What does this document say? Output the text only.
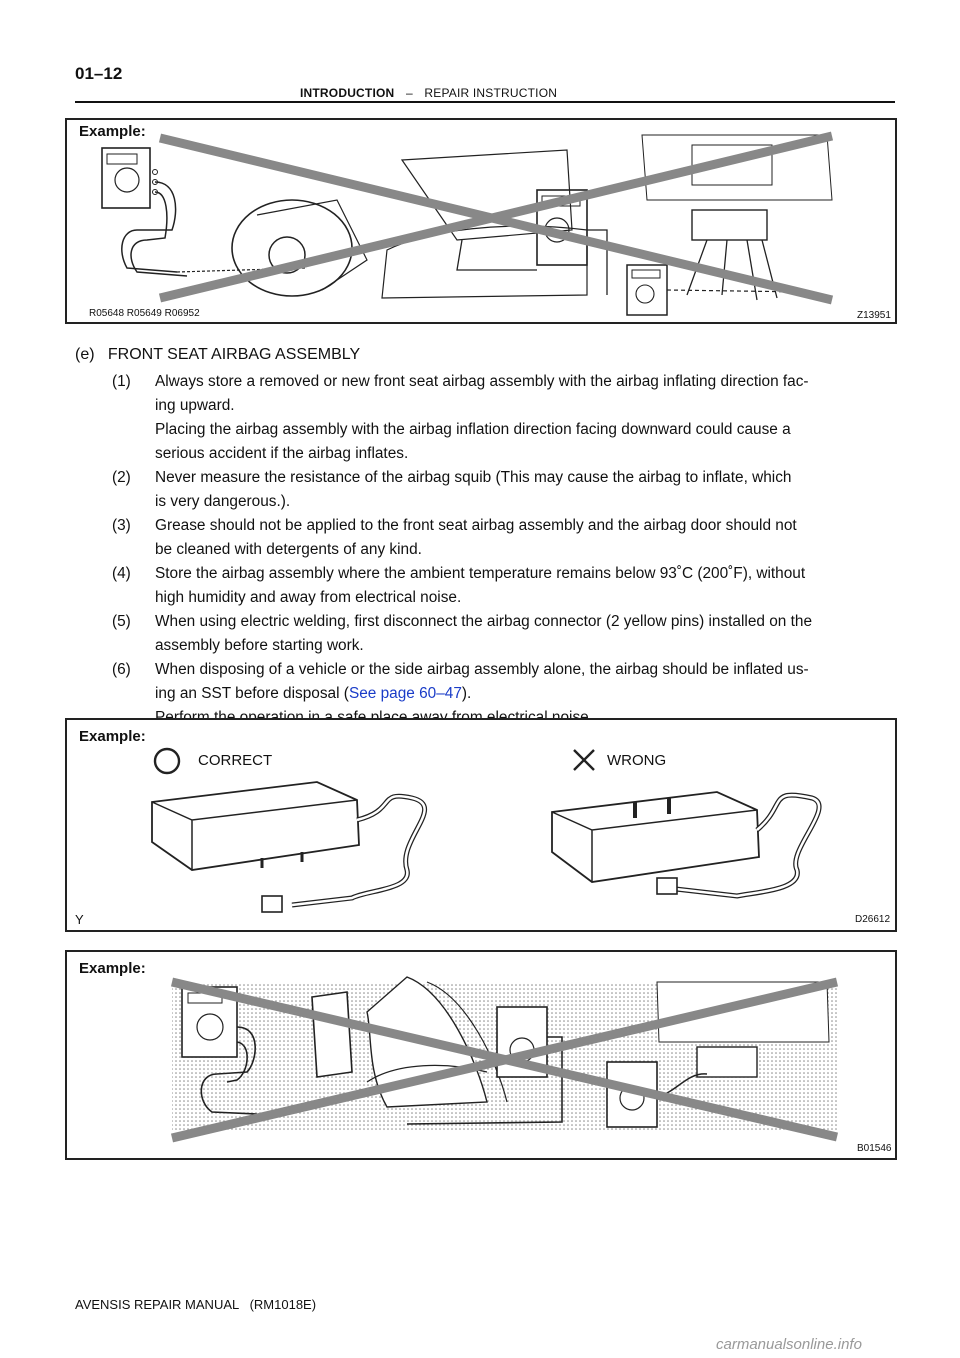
01–12
INTRODUCTION – REPAIR INSTRUCTION
Example:
R05648 R05649 R06952	Z13951
(e)   FRONT SEAT AIRBAG ASSEMBLY
(1) Always store a removed or new front seat airbag assembly with the airbag inflating direction fac-
ing upward.
Placing the airbag assembly with the airbag inflation direction facing downward could cause a
serious accident if the airbag inflates.
(2) Never measure the resistance of the airbag squib (This may cause the airbag to inflate, which
is very dangerous.).
(3) Grease should not be applied to the front seat airbag assembly and the airbag door should not
be cleaned with detergents of any kind.
(4) Store the airbag assembly where the ambient temperature remains below 93˚C (200˚F), without
high humidity and away from electrical noise.
(5) When using electric welding, first disconnect the airbag connector (2 yellow pins) installed on the
assembly before starting work.
(6) When disposing of a vehicle or the side airbag assembly alone, the airbag should be inflated us-
ing an SST before disposal (See page 60–47).
Example:
CORRECT	WRONG
Y	D26612
Example:
B01546
AVENSIS REPAIR MANUAL   (RM1018E)
carmanualsonline.info
